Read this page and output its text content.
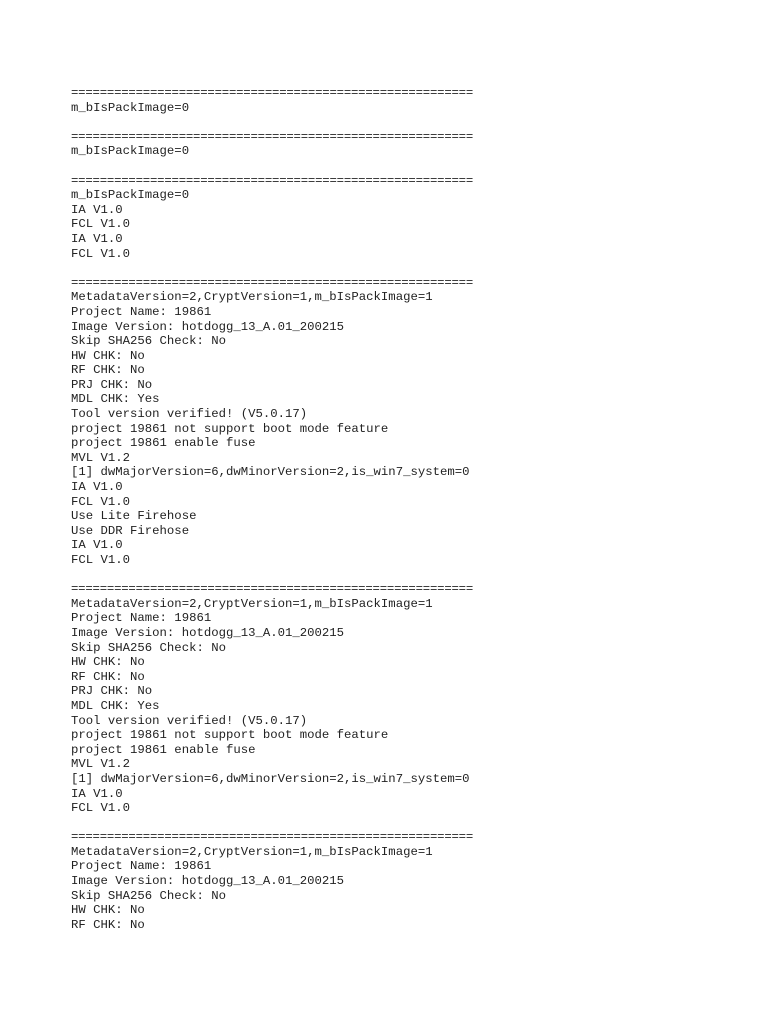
========================================================
m_bIsPackImage=0
========================================================
m_bIsPackImage=0
========================================================
m_bIsPackImage=0
IA V1.0
FCL V1.0
IA V1.0
FCL V1.0
========================================================
MetadataVersion=2,CryptVersion=1,m_bIsPackImage=1
Project Name: 19861
Image Version: hotdogg_13_A.01_200215
Skip SHA256 Check: No
HW CHK: No
RF CHK: No
PRJ CHK: No
MDL CHK: Yes
Tool version verified! (V5.0.17)
project 19861 not support boot mode feature
project 19861 enable fuse
MVL V1.2
[1] dwMajorVersion=6,dwMinorVersion=2,is_win7_system=0
IA V1.0
FCL V1.0
Use Lite Firehose
Use DDR Firehose
IA V1.0
FCL V1.0
========================================================
MetadataVersion=2,CryptVersion=1,m_bIsPackImage=1
Project Name: 19861
Image Version: hotdogg_13_A.01_200215
Skip SHA256 Check: No
HW CHK: No
RF CHK: No
PRJ CHK: No
MDL CHK: Yes
Tool version verified! (V5.0.17)
project 19861 not support boot mode feature
project 19861 enable fuse
MVL V1.2
[1] dwMajorVersion=6,dwMinorVersion=2,is_win7_system=0
IA V1.0
FCL V1.0
========================================================
MetadataVersion=2,CryptVersion=1,m_bIsPackImage=1
Project Name: 19861
Image Version: hotdogg_13_A.01_200215
Skip SHA256 Check: No
HW CHK: No
RF CHK: No
